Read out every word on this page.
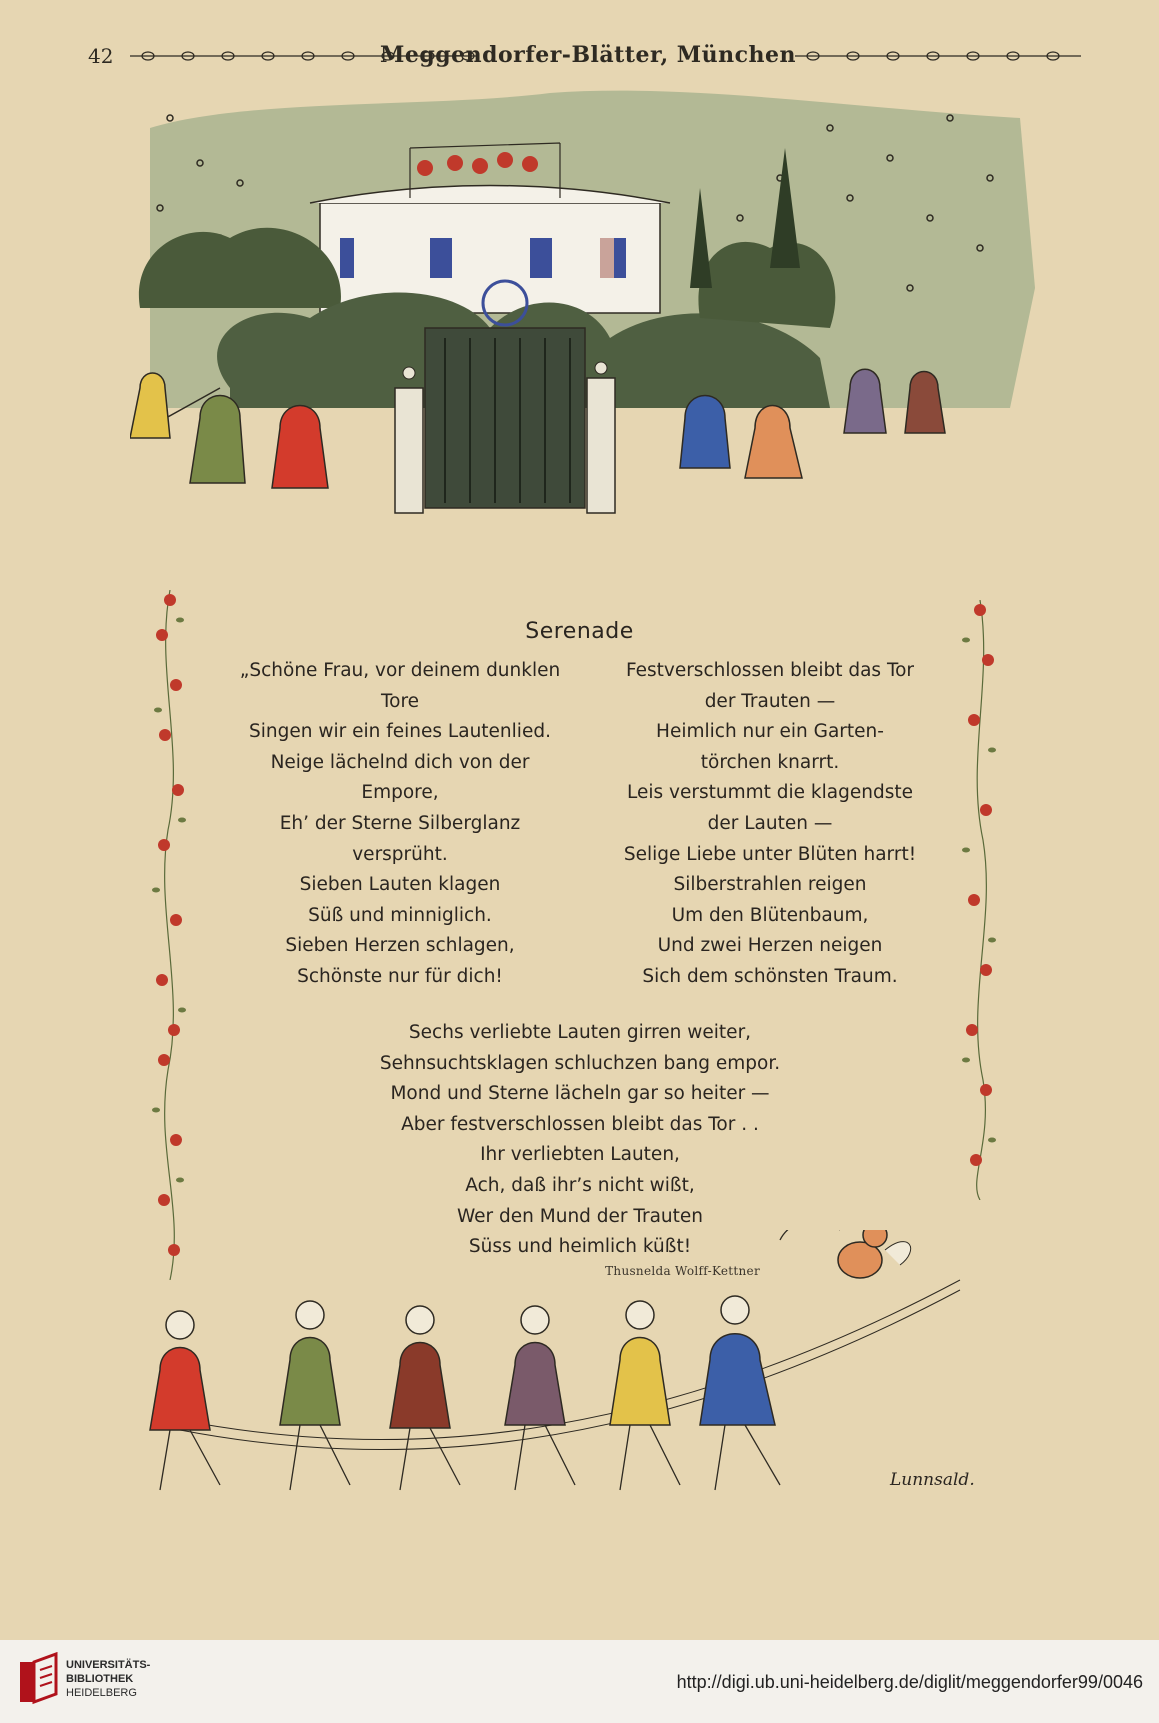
42	Meggendorfer-Blätter, München
Serenade
„Schöne Frau, vor deinem dunklen
Tore
Singen wir ein feines Lautenlied.
Neige lächelnd dich von der
Empore,
Eh’ der Sterne Silberglanz
versprüht.
Sieben Lauten klagen
Süß und minniglich.
Sieben Herzen schlagen,
Schönste nur für dich!
Festverschlossen bleibt das Tor
der Trauten —
Heimlich nur ein Garten-
törchen knarrt.
Leis verstummt die klagendste
der Lauten —
Selige Liebe unter Blüten harrt!
Silberstrahlen reigen
Um den Blütenbaum,
Und zwei Herzen neigen
Sich dem schönsten Traum.
Sechs verliebte Lauten girren weiter,
Sehnsuchtsklagen schluchzen bang empor.
Mond und Sterne lächeln gar so heiter —
Aber festverschlossen bleibt das Tor . .
Ihr verliebten Lauten,
Ach, daß ihr’s nicht wißt,
Wer den Mund der Trauten
Süss und heimlich küßt!
Thusnelda Wolff-Kettner
Lunnsald.
UNIVERSITÄTS-
BIBLIOTHEK
HEIDELBERG
http://digi.ub.uni-heidelberg.de/diglit/meggendorfer99/0046
